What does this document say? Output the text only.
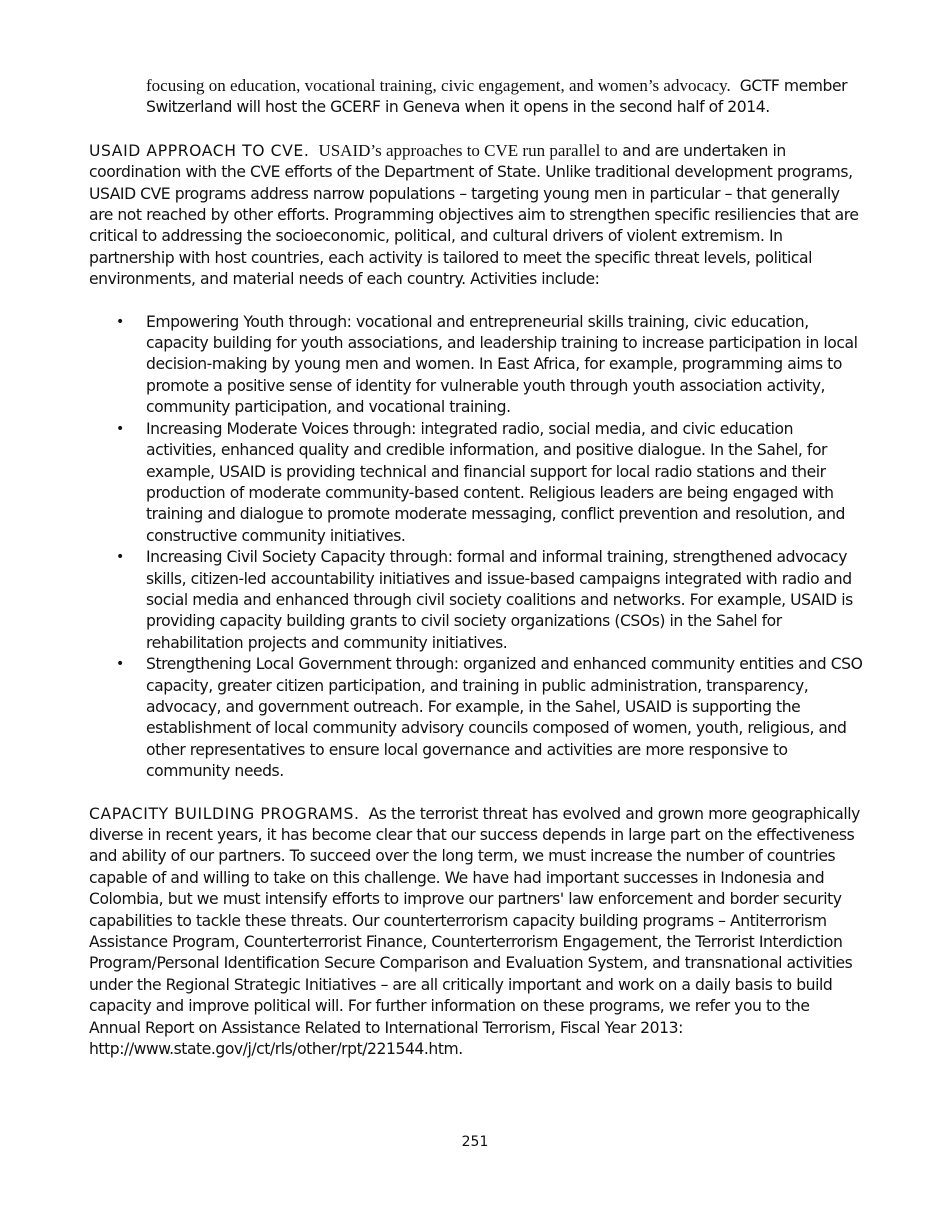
focusing on education, vocational training, civic engagement, and women’s advocacy. GCTF member Switzerland will host the GCERF in Geneva when it opens in the second half of 2014.

USAID APPROACH TO CVE. USAID’s approaches to CVE run parallel to and are undertaken in coordination with the CVE efforts of the Department of State. Unlike traditional development programs, USAID CVE programs address narrow populations – targeting young men in particular – that generally are not reached by other efforts. Programming objectives aim to strengthen specific resiliencies that are critical to addressing the socioeconomic, political, and cultural drivers of violent extremism. In partnership with host countries, each activity is tailored to meet the specific threat levels, political environments, and material needs of each country. Activities include:

• Empowering Youth through: vocational and entrepreneurial skills training, civic education, capacity building for youth associations, and leadership training to increase participation in local decision-making by young men and women. In East Africa, for example, programming aims to promote a positive sense of identity for vulnerable youth through youth association activity, community participation, and vocational training.
• Increasing Moderate Voices through: integrated radio, social media, and civic education activities, enhanced quality and credible information, and positive dialogue. In the Sahel, for example, USAID is providing technical and financial support for local radio stations and their production of moderate community-based content. Religious leaders are being engaged with training and dialogue to promote moderate messaging, conflict prevention and resolution, and constructive community initiatives.
• Increasing Civil Society Capacity through: formal and informal training, strengthened advocacy skills, citizen-led accountability initiatives and issue-based campaigns integrated with radio and social media and enhanced through civil society coalitions and networks. For example, USAID is providing capacity building grants to civil society organizations (CSOs) in the Sahel for rehabilitation projects and community initiatives.
• Strengthening Local Government through: organized and enhanced community entities and CSO capacity, greater citizen participation, and training in public administration, transparency, advocacy, and government outreach. For example, in the Sahel, USAID is supporting the establishment of local community advisory councils composed of women, youth, religious, and other representatives to ensure local governance and activities are more responsive to community needs.

CAPACITY BUILDING PROGRAMS. As the terrorist threat has evolved and grown more geographically diverse in recent years, it has become clear that our success depends in large part on the effectiveness and ability of our partners. To succeed over the long term, we must increase the number of countries capable of and willing to take on this challenge. We have had important successes in Indonesia and Colombia, but we must intensify efforts to improve our partners' law enforcement and border security capabilities to tackle these threats. Our counterterrorism capacity building programs – Antiterrorism Assistance Program, Counterterrorist Finance, Counterterrorism Engagement, the Terrorist Interdiction Program/Personal Identification Secure Comparison and Evaluation System, and transnational activities under the Regional Strategic Initiatives – are all critically important and work on a daily basis to build capacity and improve political will. For further information on these programs, we refer you to the Annual Report on Assistance Related to International Terrorism, Fiscal Year 2013: http://www.state.gov/j/ct/rls/other/rpt/221544.htm.

251
